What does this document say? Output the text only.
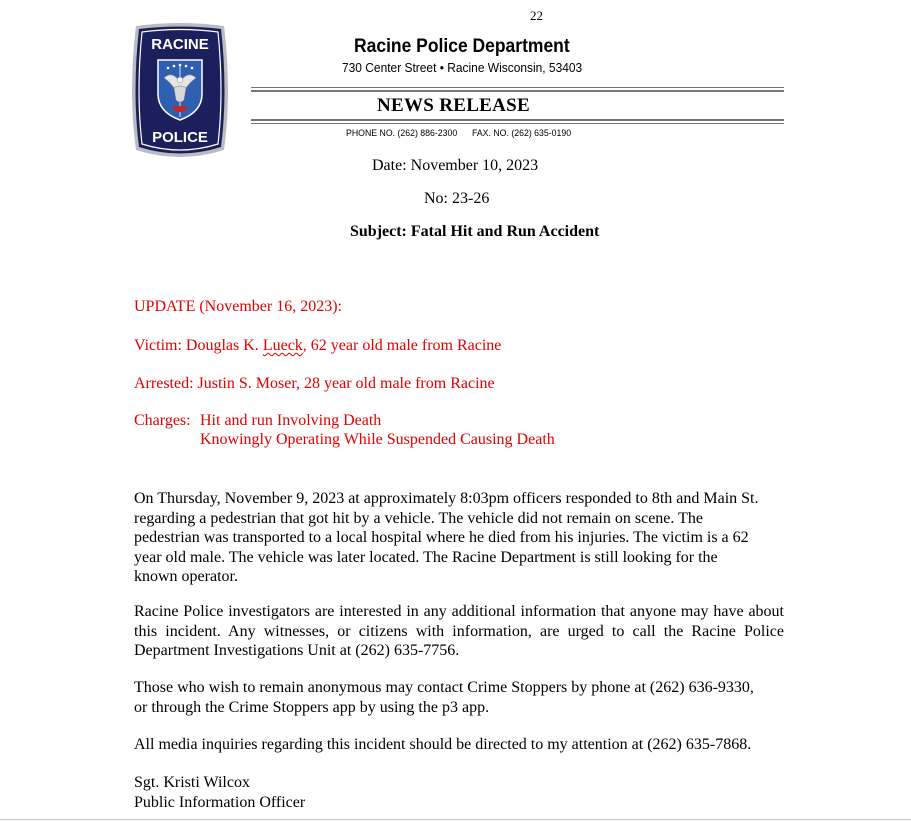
22
RACINE
POLICE
Racine Police Department
730 Center Street • Racine Wisconsin, 53403
NEWS RELEASE
PHONE NO. (262) 886-2300 FAX. NO. (262) 635-0190
Date: November 10, 2023
No: 23-26
Subject: Fatal Hit and Run Accident
UPDATE (November 16, 2023):
Victim: Douglas K. Lueck, 62 year old male from Racine
Arrested: Justin S. Moser, 28 year old male from Racine
Charges: Hit and run Involving Death
Knowingly Operating While Suspended Causing Death
On Thursday, November 9, 2023 at approximately 8:03pm officers responded to 8th and Main St.
regarding a pedestrian that got hit by a vehicle. The vehicle did not remain on scene. The
pedestrian was transported to a local hospital where he died from his injuries. The victim is a 62
year old male. The vehicle was later located. The Racine Department is still looking for the
known operator.
Racine Police investigators are interested in any additional information that anyone may have about this incident. Any witnesses, or citizens with information, are urged to call the Racine Police Department Investigations Unit at (262) 635-7756.
Those who wish to remain anonymous may contact Crime Stoppers by phone at (262) 636-9330,
or through the Crime Stoppers app by using the p3 app.
All media inquiries regarding this incident should be directed to my attention at (262) 635-7868.
Sgt. Kristi Wilcox
Public Information Officer
